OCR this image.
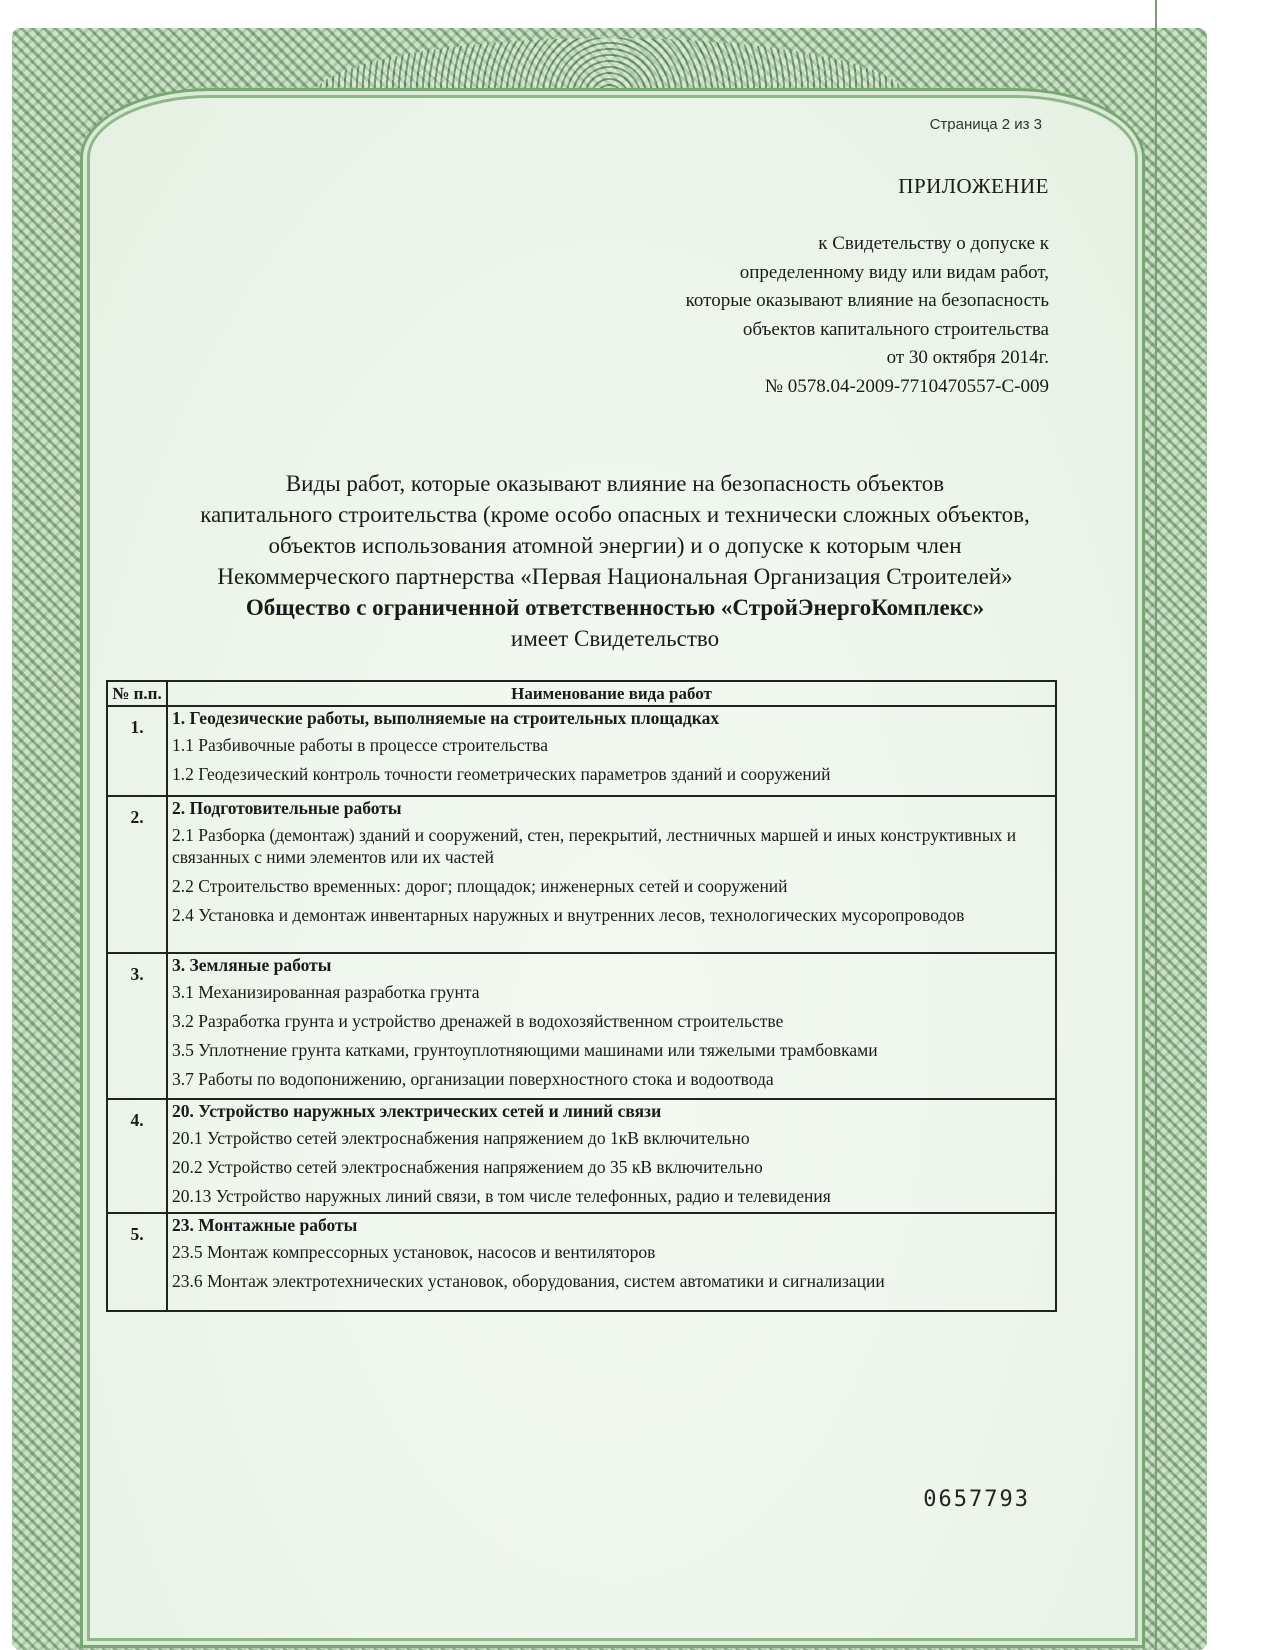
Страница 2 из 3
ПРИЛОЖЕНИЕ
к Свидетельству о допуске к
определенному виду или видам работ,
которые оказывают влияние на безопасность
объектов капитального строительства
от 30 октября 2014г.
№ 0578.04-2009-7710470557-С-009
Виды работ, которые оказывают влияние на безопасность объектов
капитального строительства (кроме особо опасных и технически сложных объектов,
объектов использования атомной энергии) и о допуске к которым член
Некоммерческого партнерства «Первая Национальная Организация Строителей»
Общество с ограниченной ответственностью «СтройЭнергоКомплекс»
имеет Свидетельство
№ п.п.	Наименование вида работ
1.	1. Геодезические работы, выполняемые на строительных площадках
1.1 Разбивочные работы в процессе строительства
1.2 Геодезический контроль точности геометрических параметров зданий и сооружений

2.	2. Подготовительные работы
2.1 Разборка (демонтаж) зданий и сооружений, стен, перекрытий, лестничных маршей и иных конструктивных и связанных с ними элементов или их частей
2.2 Строительство временных: дорог; площадок; инженерных сетей и сооружений
2.4 Установка и демонтаж инвентарных наружных и внутренних лесов, технологических мусоропроводов

3.	3. Земляные работы
3.1 Механизированная разработка грунта
3.2 Разработка грунта и устройство дренажей в водохозяйственном строительстве
3.5 Уплотнение грунта катками, грунтоуплотняющими машинами или тяжелыми трамбовками
3.7 Работы по водопонижению, организации поверхностного стока и водоотвода

4.	20. Устройство наружных электрических сетей и линий связи
20.1 Устройство сетей электроснабжения напряжением до 1кВ включительно
20.2 Устройство сетей электроснабжения напряжением до 35 кВ включительно
20.13 Устройство наружных линий связи, в том числе телефонных, радио и телевидения

5.	23. Монтажные работы
23.5 Монтаж компрессорных установок, насосов и вентиляторов
23.6 Монтаж электротехнических установок, оборудования, систем автоматики и сигнализации
0657793
